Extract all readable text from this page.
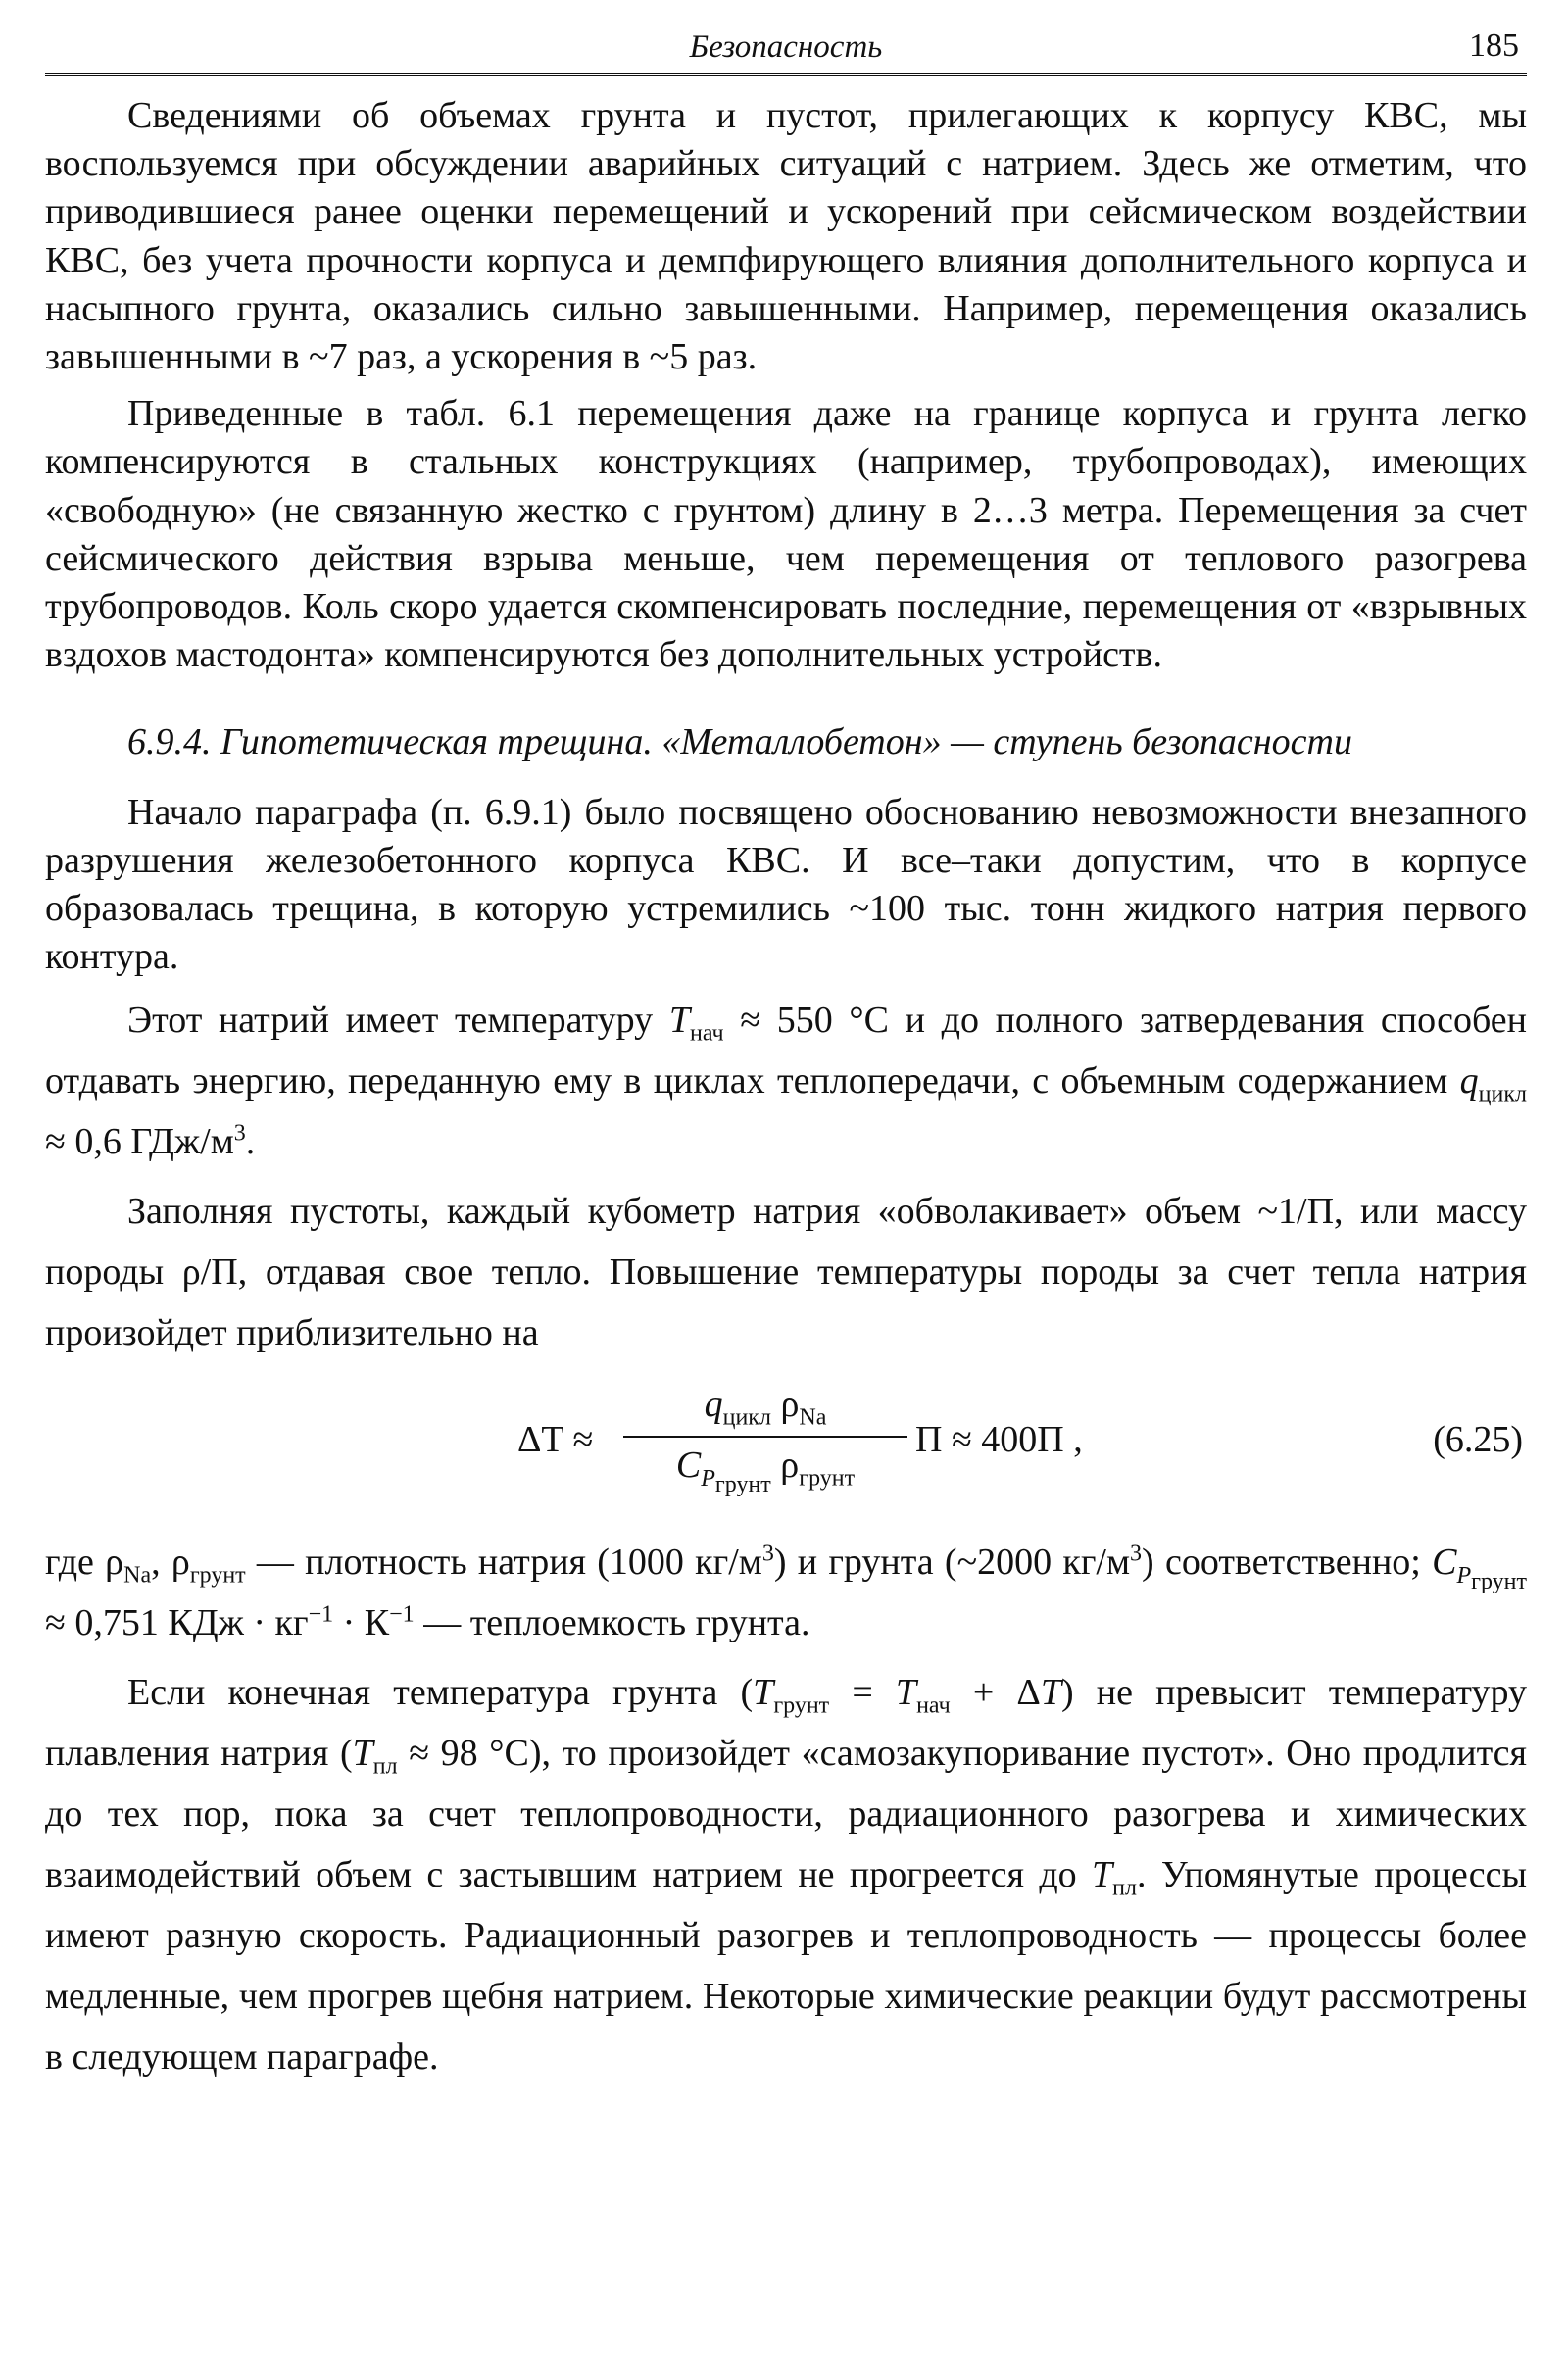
Безопасность	185

Сведениями об объемах грунта и пустот, прилегающих к корпусу КВС, мы воспользуемся при обсуждении аварийных ситуаций с натрием. Здесь же отметим, что приводившиеся ранее оценки перемещений и ускорений при сейсмическом воздействии КВС, без учета прочности корпуса и демпфирующего влияния дополнительного корпуса и насыпного грунта, оказались сильно завышенными. Например, перемещения оказались завышенными в ~7 раз, а ускорения в ~5 раз.

Приведенные в табл. 6.1 перемещения даже на границе корпуса и грунта легко компенсируются в стальных конструкциях (например, трубопроводах), имеющих «свободную» (не связанную жестко с грунтом) длину в 2…3 метра. Перемещения за счет сейсмического действия взрыва меньше, чем перемещения от теплового разогрева трубопроводов. Коль скоро удается скомпенсировать последние, перемещения от «взрывных вздохов мастодонта» компенсируются без дополнительных устройств.

6.9.4. Гипотетическая трещина. «Металлобетон» — ступень безопасности

Начало параграфа (п. 6.9.1) было посвящено обоснованию невозможности внезапного разрушения железобетонного корпуса КВС. И все–таки допустим, что в корпусе образовалась трещина, в которую устремились ~100 тыс. тонн жидкого натрия первого контура.

Этот натрий имеет температуру $T_{нач} \approx 550$ °С и до полного затвердевания способен отдавать энергию, переданную ему в циклах теплопередачи, с объемным содержанием $q_{цикл} \approx 0,6$ ГДж/$м^3$.

Заполняя пустоты, каждый кубометр натрия «обволакивает» объем ~1/П, или массу породы ρ/П, отдавая свое тепло. Повышение температуры породы за счет тепла натрия произойдет приблизительно на

ΔT ≈
$q_{цикл}$ $\rho_{Na}$
$C_{P_{грунт}}$ $\rho_{грунт}$
П ≈ 400П ,	(6.25)

где $\rho_{Na}$, $\rho_{грунт}$ — плотность натрия (1000 $кг/м^3$) и грунта (~2000 $кг/м^3$) соответственно; $C_{P_{грунт}} \approx 0,751$ КДж · $кг^{-1} \cdot К^{-1}$ — теплоемкость грунта.

Если конечная температура грунта $(T_{грунт} = T_{нач} + \Delta T)$ не превысит температуру плавления натрия ($T_{пл} \approx 98$ °С), то произойдет «самозакупоривание пустот». Оно продлится до тех пор, пока за счет теплопроводности, радиационного разогрева и химических взаимодействий объем с застывшим натрием не прогреется до $T_{пл}$. Упомянутые процессы имеют разную скорость. Радиационный разогрев и теплопроводность — процессы более медленные, чем прогрев щебня натрием. Некоторые химические реакции будут рассмотрены в следующем параграфе.
